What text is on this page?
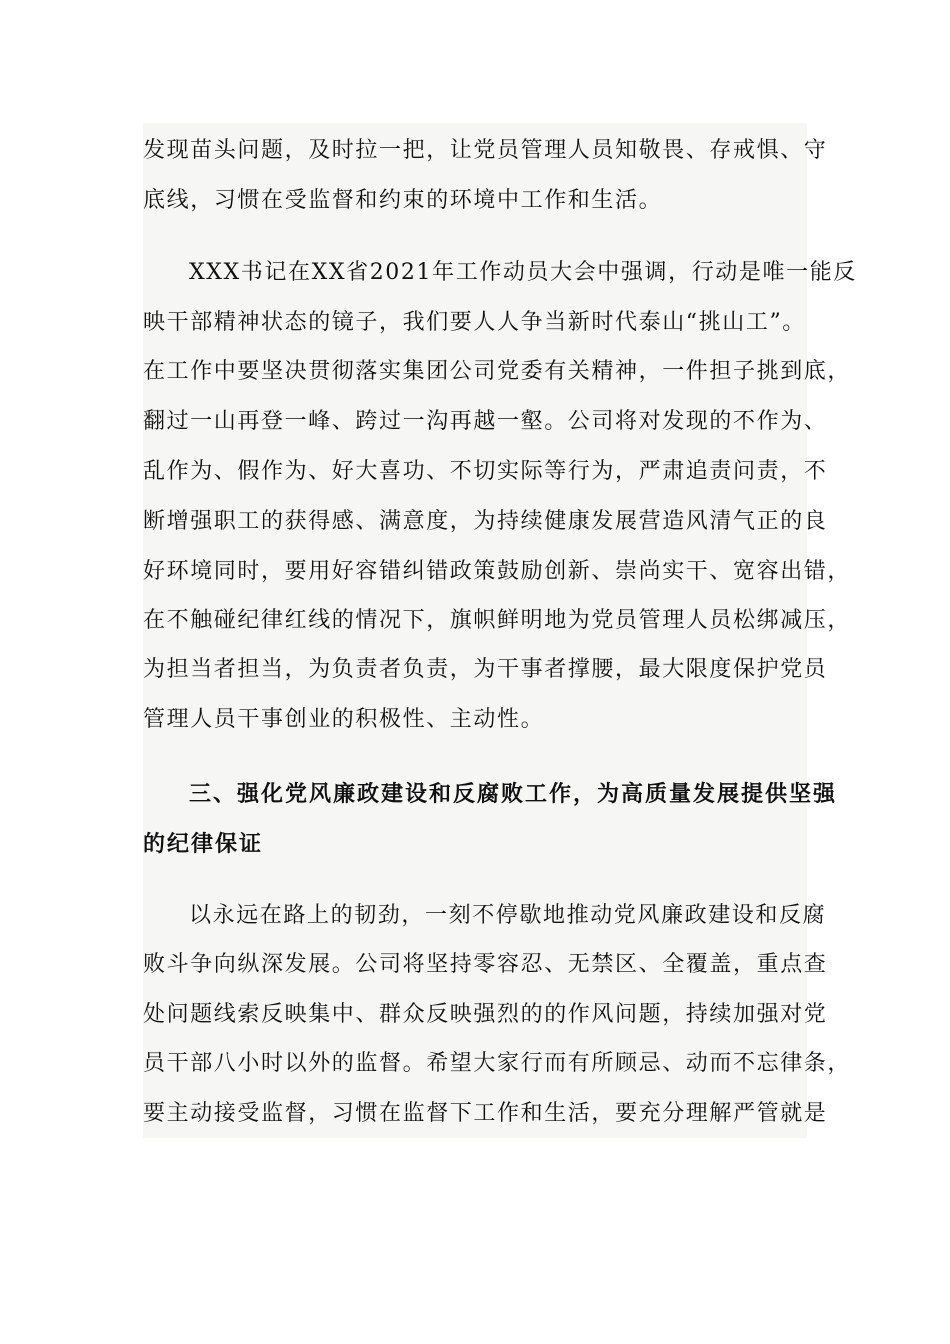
发现苗头问题，及时拉一把，让党员管理人员知敬畏、存戒惧、守
底线，习惯在受监督和约束的环境中工作和生活。
XXX书记在XX省2021年工作动员大会中强调，行动是唯一能反
映干部精神状态的镜子，我们要人人争当新时代泰山“挑山工”。
在工作中要坚决贯彻落实集团公司党委有关精神，一件担子挑到底，
翻过一山再登一峰、跨过一沟再越一壑。公司将对发现的不作为、
乱作为、假作为、好大喜功、不切实际等行为，严肃追责问责，不
断增强职工的获得感、满意度，为持续健康发展营造风清气正的良
好环境同时，要用好容错纠错政策鼓励创新、崇尚实干、宽容出错，
在不触碰纪律红线的情况下，旗帜鲜明地为党员管理人员松绑减压，
为担当者担当，为负责者负责，为干事者撑腰，最大限度保护党员
管理人员干事创业的积极性、主动性。
三、强化党风廉政建设和反腐败工作，为高质量发展提供坚强
的纪律保证
以永远在路上的韧劲，一刻不停歇地推动党风廉政建设和反腐
败斗争向纵深发展。公司将坚持零容忍、无禁区、全覆盖，重点查
处问题线索反映集中、群众反映强烈的的作风问题，持续加强对党
员干部八小时以外的监督。希望大家行而有所顾忌、动而不忘律条，
要主动接受监督，习惯在监督下工作和生活，要充分理解严管就是
